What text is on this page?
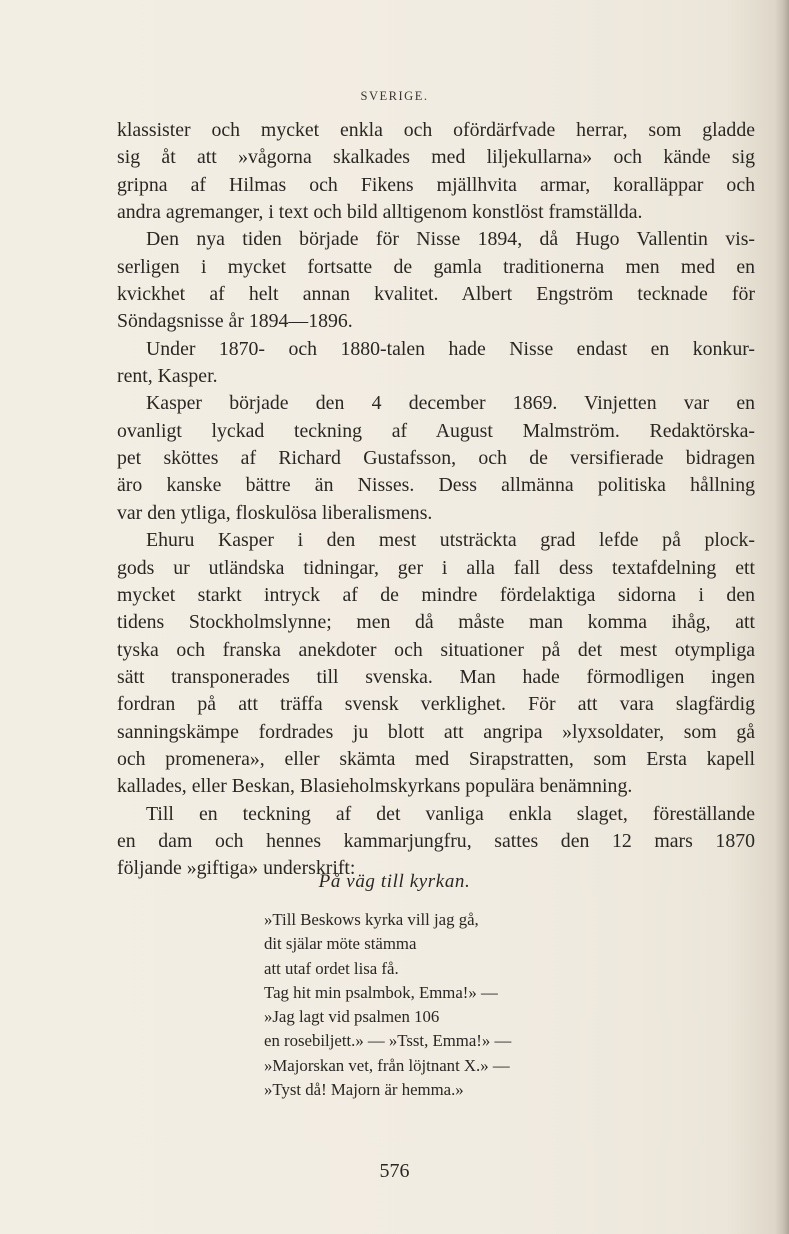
SVERIGE.
klassister och mycket enkla och ofördärfvade herrar, som gladde
sig åt att »vågorna skalkades med liljekullarna» och kände sig
gripna af Hilmas och Fikens mjällhvita armar, koralläppar och
andra agremanger, i text och bild alltigenom konstlöst framställda.
Den nya tiden började för Nisse 1894, då Hugo Vallentin vis-
serligen i mycket fortsatte de gamla traditionerna men med en
kvickhet af helt annan kvalitet. Albert Engström tecknade för
Söndagsnisse år 1894—1896.
Under 1870- och 1880-talen hade Nisse endast en konkur-
rent, Kasper.
Kasper började den 4 december 1869. Vinjetten var en
ovanligt lyckad teckning af August Malmström. Redaktörska-
pet sköttes af Richard Gustafsson, och de versifierade bidragen
äro kanske bättre än Nisses. Dess allmänna politiska hållning
var den ytliga, floskulösa liberalismens.
Ehuru Kasper i den mest utsträckta grad lefde på plock-
gods ur utländska tidningar, ger i alla fall dess textafdelning ett
mycket starkt intryck af de mindre fördelaktiga sidorna i den
tidens Stockholmslynne; men då måste man komma ihåg, att
tyska och franska anekdoter och situationer på det mest otympliga
sätt transponerades till svenska. Man hade förmodligen ingen
fordran på att träffa svensk verklighet. För att vara slagfärdig
sanningskämpe fordrades ju blott att angripa »lyxsoldater, som gå
och promenera», eller skämta med Sirapstratten, som Ersta kapell
kallades, eller Beskan, Blasieholmskyrkans populära benämning.
Till en teckning af det vanliga enkla slaget, föreställande
en dam och hennes kammarjungfru, sattes den 12 mars 1870
följande »giftiga» underskrift:
På väg till kyrkan.
»Till Beskows kyrka vill jag gå,
dit själar möte stämma
att utaf ordet lisa få.
Tag hit min psalmbok, Emma!» —
»Jag lagt vid psalmen 106
en rosebiljett.» — »Tsst, Emma!» —
»Majorskan vet, från löjtnant X.» —
»Tyst då! Majorn är hemma.»
576
